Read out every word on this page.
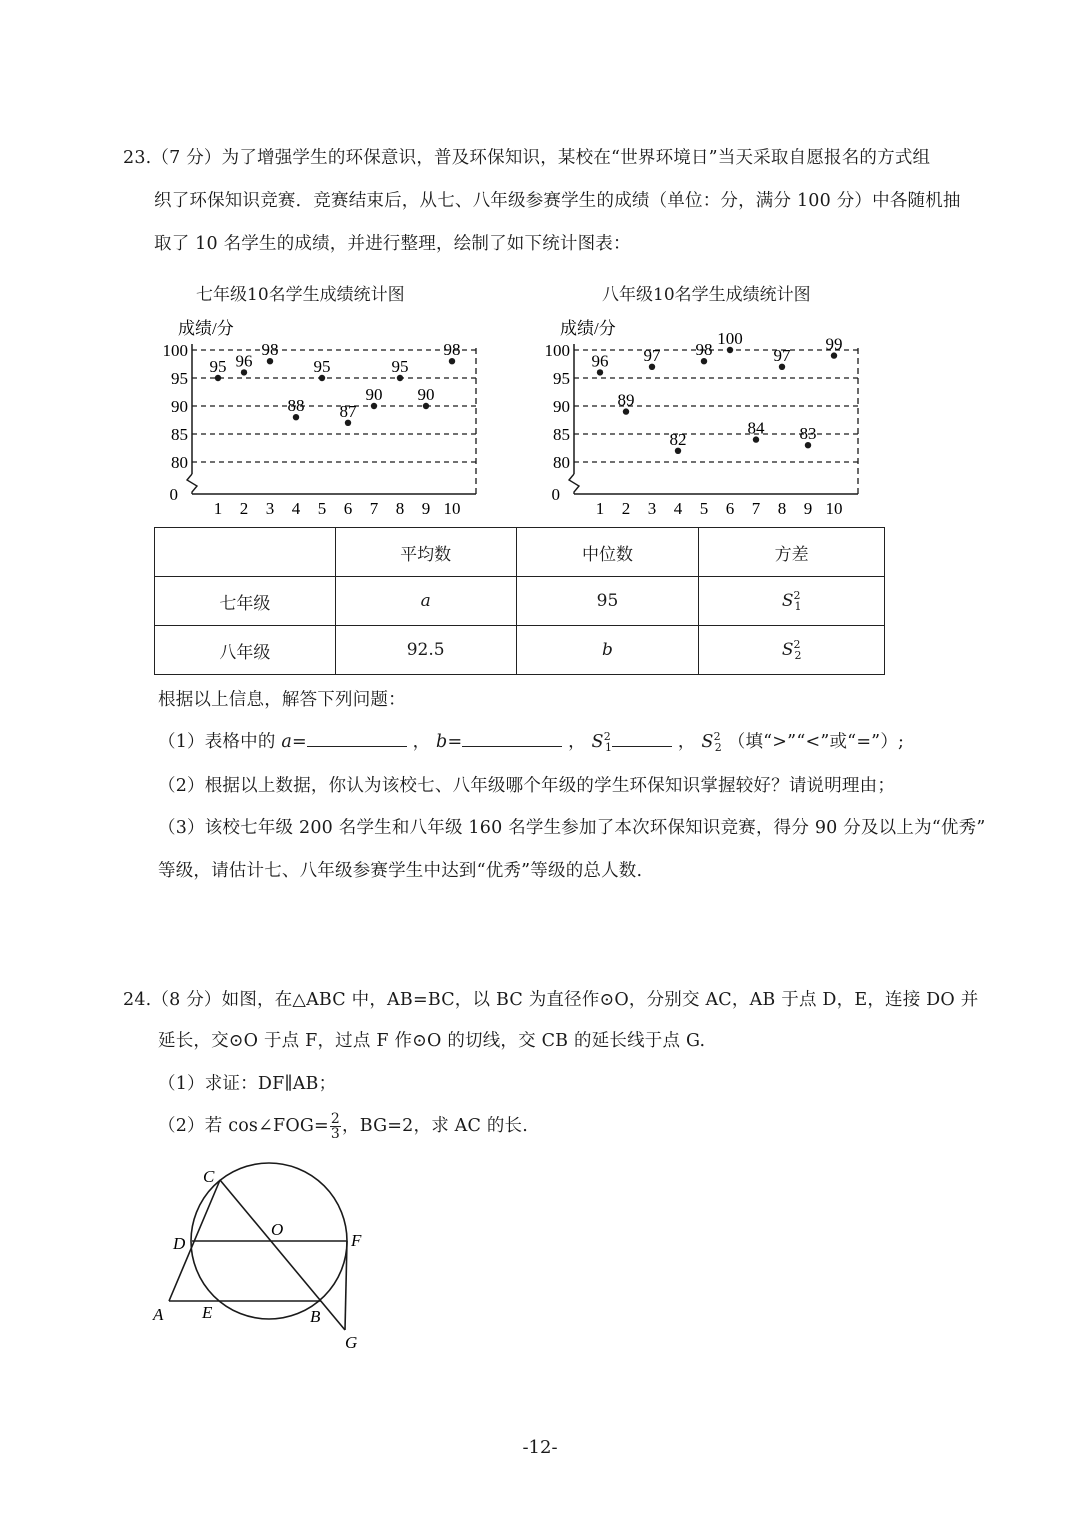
23.（7 分）为了增强学生的环保意识，普及环保知识，某校在“世界环境日”当天采取自愿报名的方式组
织了环保知识竞赛．竞赛结束后，从七、八年级参赛学生的成绩（单位：分，满分 100 分）中各随机抽
取了 10 名学生的成绩，并进行整理，绘制了如下统计图表：
七年级10名学生成绩统计图	八年级10名学生成绩统计图
成绩/分
80
85
90
95
100
0
1 2 3 4 5 6 7 8 9 10
95 96
98
88
95
87
90
95
90
98
成绩/分
80
85
90
95
100
0
1 2 3 4 5 6 7 8 9 10
96
89
97
82
98
100
84
97
83
99
	平均数	中位数	方差
七年级	a	95	$S^2_1$
八年级	92.5	b	$S^2_2$
根据以上信息，解答下列问题：
（1）表格中的 a=	， b=	， $S^2_1$	， $S^2_2$ （填“>”“<”或“=”）;
（2）根据以上数据，你认为该校七、八年级哪个年级的学生环保知识掌握较好？请说明理由；
（3）该校七年级 200 名学生和八年级 160 名学生参加了本次环保知识竞赛，得分 90 分及以上为“优秀”
等级，请估计七、八年级参赛学生中达到“优秀”等级的总人数.
24.（8 分）如图，在△ABC 中，AB=BC，以 BC 为直径作⊙O，分别交 AC，AB 于点 D，E，连接 DO 并
延长，交⊙O 于点 F，过点 F 作⊙O 的切线，交 CB 的延长线于点 G.
（1）求证：DF∥AB；
（2）若 cos∠FOG= $\frac{2}{3}$ ，BG=2，求 AC 的长.
C
O
D	F
A E	B
G
-12-
